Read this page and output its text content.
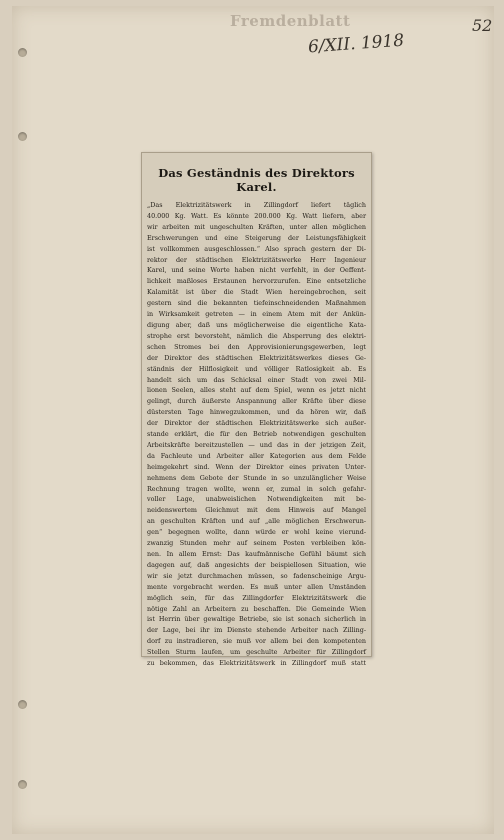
Fremdenblatt
6/XII. 1918
52
Das Geständnis des Direktors Karel.
„Das Elektrizitätswerk in Zillingdorf liefert täglich
40.000 Kg. Watt. Es könnte 200.000 Kg. Watt liefern, aber
wir arbeiten mit ungeschulten Kräften, unter allen möglichen
Erschwerungen und eine Steigerung der Leistungsfähigkeit
ist vollkommen ausgeschlossen.“ Also sprach gestern der Di-
rektor der städtischen Elektrizitätswerke Herr Ingenieur
Karel, und seine Worte haben nicht verfehlt, in der Oeffent-
lichkeit maßloses Erstaunen hervorzurufen. Eine entsetzliche
Kalamität ist über die Stadt Wien hereingebrochen, seit
gestern sind die bekannten tiefeinschneidenden Maßnahmen
in Wirksamkeit getreten — in einem Atem mit der Ankün-
digung aber, daß uns möglicherweise die eigentliche Kata-
strophe erst bevorsteht, nämlich die Absperrung des elektri-
schen Stromes bei den Approvisionierungsgewerben, legt
der Direktor des städtischen Elektrizitätswerkes dieses Ge-
ständnis der Hilflosigkeit und völliger Ratlosigkeit ab. Es
handelt sich um das Schicksal einer Stadt von zwei Mil-
lionen Seelen, alles steht auf dem Spiel, wenn es jetzt nicht
gelingt, durch äußerste Anspannung aller Kräfte über diese
düstersten Tage hinwegzukommen, und da hören wir, daß
der Direktor der städtischen Elektrizitätswerke sich außer-
stande erklärt, die für den Betrieb notwendigen geschulten
Arbeitskräfte bereitzustellen — und das in der jetzigen Zeit,
da Fachleute und Arbeiter aller Kategorien aus dem Felde
heimgekehrt sind. Wenn der Direktor eines privaten Unter-
nehmens dem Gebote der Stunde in so unzulänglicher Weise
Rechnung tragen wollte, wenn er, zumal in solch gefahr-
voller Lage, unabweislichen Notwendigkeiten mit be-
neidenswertem Gleichmut mit dem Hinweis auf Mangel
an geschulten Kräften und auf „alle möglichen Erschwerun-
gen“ begegnen wollte, dann würde er wohl keine vierund-
zwanzig Stunden mehr auf seinem Posten verbleiben kön-
nen. In allem Ernst: Das kaufmännische Gefühl bäumt sich
dagegen auf, daß angesichts der beispiellosen Situation, wie
wir sie jetzt durchmachen müssen, so fadenscheinige Argu-
mente vorgebracht werden. Es muß unter allen Umständen
möglich sein, für das Zillingdorfer Elektrizitätswerk die
nötige Zahl an Arbeitern zu beschaffen. Die Gemeinde Wien
ist Herrin über gewaltige Betriebe, sie ist sonach sicherlich in
der Lage, bei ihr im Dienste stehende Arbeiter nach Zilling-
dorf zu instradieren, sie muß vor allem bei den kompetenten
Stellen Sturm laufen, um geschulte Arbeiter für Zillingdorf
zu bekommen, das Elektrizitätswerk in Zillingdorf muß statt
